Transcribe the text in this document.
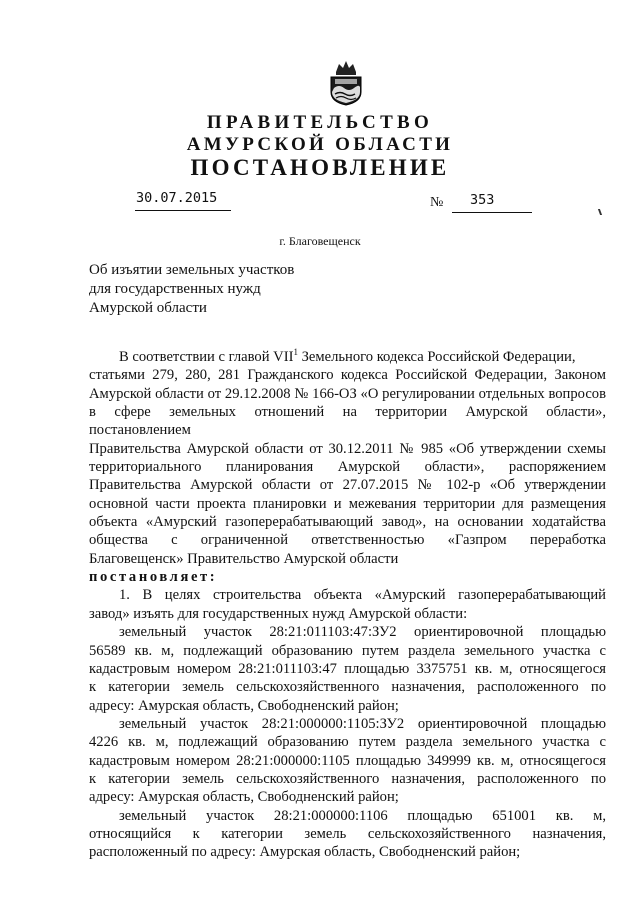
ПРАВИТЕЛЬСТВО
АМУРСКОЙ ОБЛАСТИ
ПОСТАНОВЛЕНИЕ
30.07.2015	№ 353
г. Благовещенск
Об изъятии земельных участков
для государственных нужд
Амурской области
В соответствии с главой VII$^1$ Земельного кодекса Российской Федерации,
статьями 279, 280, 281 Гражданского кодекса Российской Федерации, Законом
Амурской области от 29.12.2008 № 166-ОЗ «О регулировании отдельных вопросов
в сфере земельных отношений на территории Амурской области», постановлением
Правительства Амурской области от 30.12.2011 № 985 «Об утверждении схемы
территориального планирования Амурской области», распоряжением
Правительства Амурской области от 27.07.2015 № 102-р «Об утверждении
основной части проекта планировки и межевания территории для размещения
объекта «Амурский газоперерабатывающий завод», на основании ходатайства
общества с ограниченной ответственностью «Газпром переработка
Благовещенск» Правительство Амурской области
постановляет:
1. В целях строительства объекта «Амурский газоперерабатывающий
завод» изъять для государственных нужд Амурской области:
земельный участок 28:21:011103:47:ЗУ2 ориентировочной площадью
56589 кв. м, подлежащий образованию путем раздела земельного участка с
кадастровым номером 28:21:011103:47 площадью 3375751 кв. м, относящегося
к категории земель сельскохозяйственного назначения, расположенного по
адресу: Амурская область, Свободненский район;
земельный участок 28:21:000000:1105:ЗУ2 ориентировочной площадью
4226 кв. м, подлежащий образованию путем раздела земельного участка с
кадастровым номером 28:21:000000:1105 площадью 349999 кв. м, относящегося
к категории земель сельскохозяйственного назначения, расположенного по
адресу: Амурская область, Свободненский район;
земельный участок 28:21:000000:1106 площадью 651001 кв. м,
относящийся к категории земель сельскохозяйственного назначения,
расположенный по адресу: Амурская область, Свободненский район;
